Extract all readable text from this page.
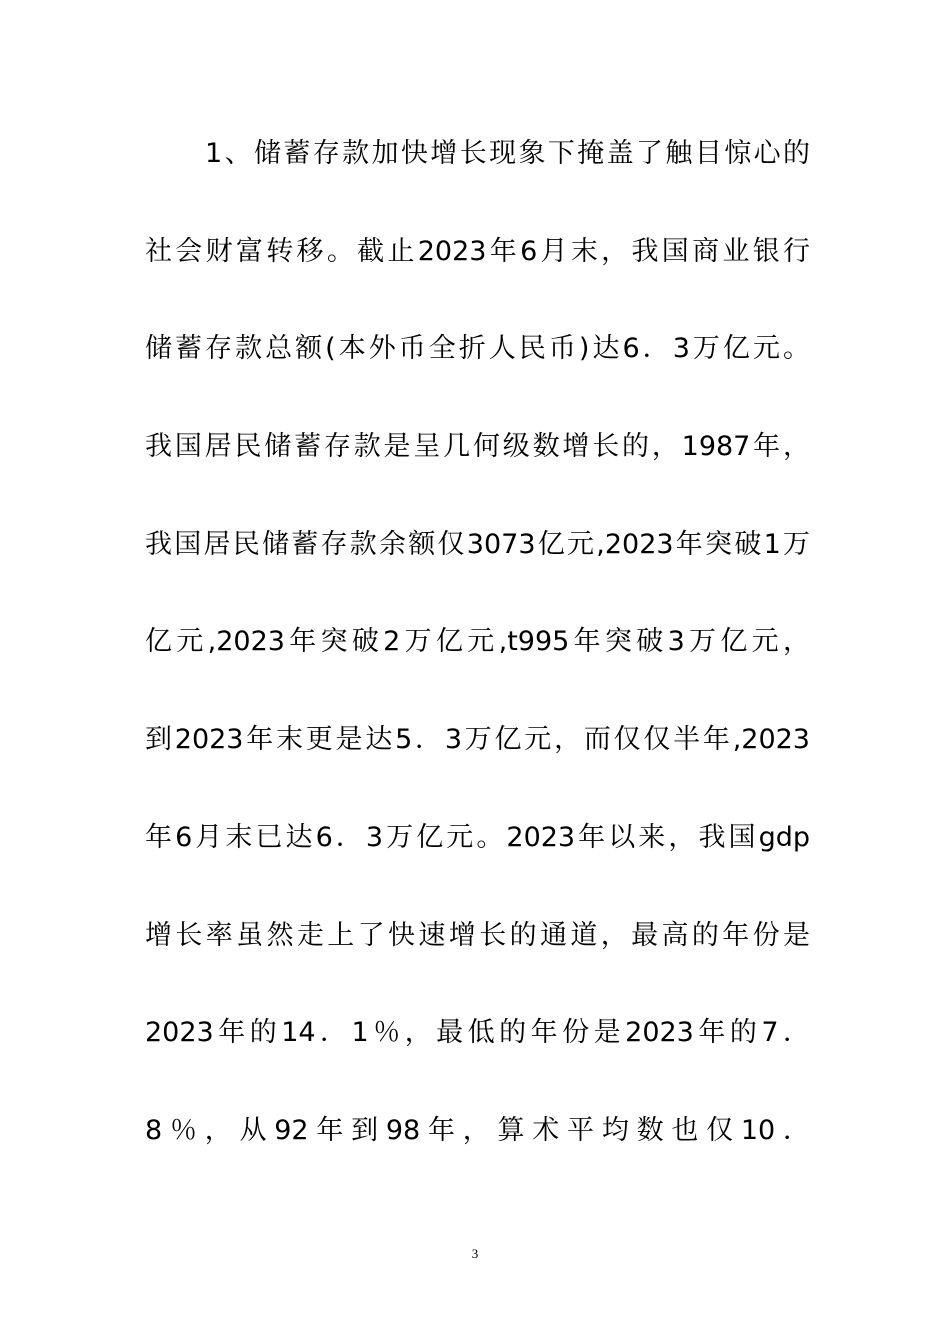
1、储蓄存款加快增长现象下掩盖了触目惊心的
社会财富转移。截止2023年6月末，我国商业银行
储蓄存款总额(本外币全折人民币)达6．3万亿元。
我国居民储蓄存款是呈几何级数增长的，1987年，
我国居民储蓄存款余额仅3073亿元,2023年突破1万
亿元,2023年突破2万亿元,t995年突破3万亿元，
到2023年末更是达5．3万亿元，而仅仅半年,2023
年6月末已达6．3万亿元。2023年以来，我国gdp
增长率虽然走上了快速增长的通道，最高的年份是
2023年的14．1％，最低的年份是2023年的7．
8％，从92年到98年，算术平均数也仅10．
3
